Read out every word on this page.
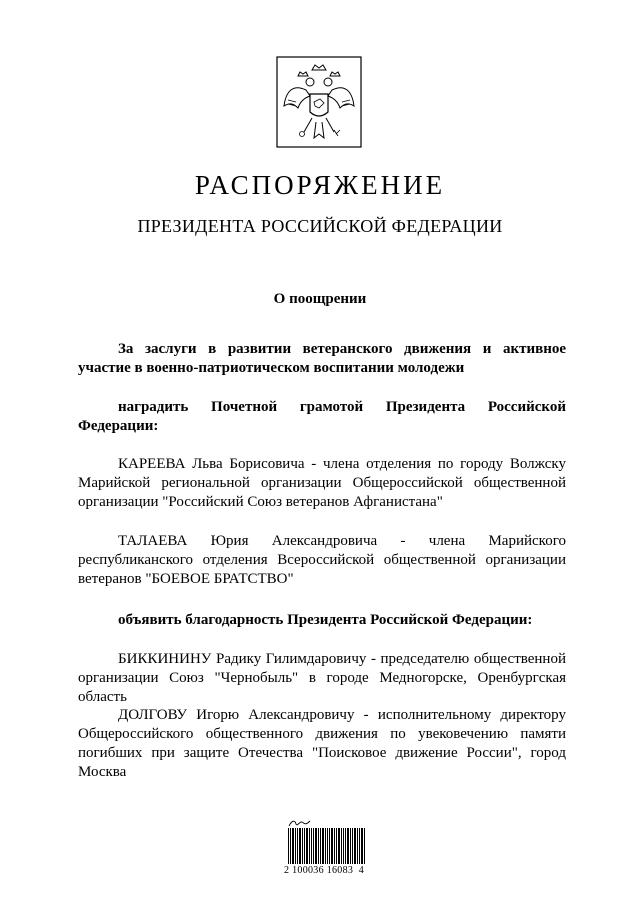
РАСПОРЯЖЕНИЕ
ПРЕЗИДЕНТА РОССИЙСКОЙ ФЕДЕРАЦИИ
О поощрении

За заслуги в развитии ветеранского движения и активное участие в военно-патриотическом воспитании молодежи

наградить Почетной грамотой Президента Российской Федерации:

КАРЕЕВА Льва Борисовича - члена отделения по городу Волжску Марийской региональной организации Общероссийской общественной организации "Российский Союз ветеранов Афганистана"

ТАЛАЕВА Юрия Александровича - члена Марийского республиканского отделения Всероссийской общественной организации ветеранов "БОЕВОЕ БРАТСТВО"

объявить благодарность Президента Российской Федерации:

БИККИНИНУ Радику Гилимдаровичу - председателю общественной организации Союз "Чернобыль" в городе Медногорске, Оренбургская область

ДОЛГОВУ Игорю Александровичу - исполнительному директору Общероссийского общественного движения по увековечению памяти погибших при защите Отечества "Поисковое движение России", город Москва

2 100036 16083  4
